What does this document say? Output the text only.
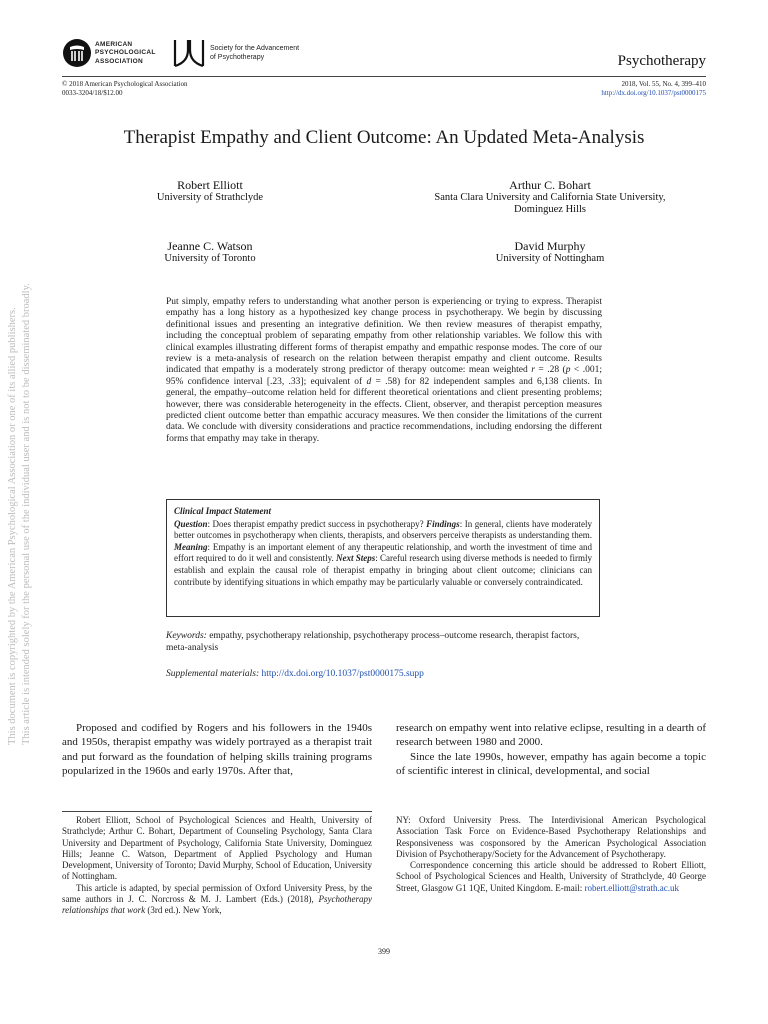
AMERICAN
PSYCHOLOGICAL
ASSOCIATION
Society for the Advancement
of Psychotherapy	Psychotherapy
© 2018 American Psychological Association
0033-3204/18/$12.00
2018, Vol. 55, No. 4, 399–410
http://dx.doi.org/10.1037/pst0000175
Therapist Empathy and Client Outcome: An Updated Meta-Analysis
Robert Elliott
University of Strathclyde
Arthur C. Bohart
Santa Clara University and California State University,
Dominguez Hills
Jeanne C. Watson
University of Toronto
David Murphy
University of Nottingham
Put simply, empathy refers to understanding what another person is experiencing or trying to express. Therapist empathy has a long history as a hypothesized key change process in psychotherapy. We begin by discussing definitional issues and presenting an integrative definition. We then review measures of therapist empathy, including the conceptual problem of separating empathy from other relationship variables. We follow this with clinical examples illustrating different forms of therapist empathy and empathic response modes. The core of our review is a meta-analysis of research on the relation between therapist empathy and client outcome. Results indicated that empathy is a moderately strong predictor of therapy outcome: mean weighted r = .28 (p < .001; 95% confidence interval [.23, .33]; equivalent of d = .58) for 82 independent samples and 6,138 clients. In general, the empathy–outcome relation held for different theoretical orientations and client presenting problems; however, there was considerable heterogeneity in the effects. Client, observer, and therapist perception measures predicted client outcome better than empathic accuracy measures. We then consider the limitations of the current data. We conclude with diversity considerations and practice recommendations, including endorsing the different forms that empathy may take in therapy.
Clinical Impact Statement
Question: Does therapist empathy predict success in psychotherapy? Findings: In general, clients have moderately better outcomes in psychotherapy when clients, therapists, and observers perceive therapists as understanding them. Meaning: Empathy is an important element of any therapeutic relationship, and worth the investment of time and effort required to do it well and consistently. Next Steps: Careful research using diverse methods is needed to firmly establish and explain the causal role of therapist empathy in bringing about client outcome; clinicians can contribute by identifying situations in which empathy may be particularly valuable or conversely contraindicated.
Keywords: empathy, psychotherapy relationship, psychotherapy process–outcome research, therapist factors, meta-analysis
Supplemental materials: http://dx.doi.org/10.1037/pst0000175.supp
Proposed and codified by Rogers and his followers in the 1940s and 1950s, therapist empathy was widely portrayed as a therapist trait and put forward as the foundation of helping skills training programs popularized in the 1960s and early 1970s. After that,
research on empathy went into relative eclipse, resulting in a dearth of research between 1980 and 2000.
Since the late 1990s, however, empathy has again become a topic of scientific interest in clinical, developmental, and social
Robert Elliott, School of Psychological Sciences and Health, University of Strathclyde; Arthur C. Bohart, Department of Counseling Psychology, Santa Clara University and Department of Psychology, California State University, Dominguez Hills; Jeanne C. Watson, Department of Applied Psychology and Human Development, University of Toronto; David Murphy, School of Education, University of Nottingham.
This article is adapted, by special permission of Oxford University Press, by the same authors in J. C. Norcross & M. J. Lambert (Eds.) (2018), Psychotherapy relationships that work (3rd ed.). New York,
NY: Oxford University Press. The Interdivisional American Psychological Association Task Force on Evidence-Based Psychotherapy Relationships and Responsiveness was cosponsored by the American Psychological Association Division of Psychotherapy/Society for the Advancement of Psychotherapy.
Correspondence concerning this article should be addressed to Robert Elliott, School of Psychological Sciences and Health, University of Strathclyde, 40 George Street, Glasgow G1 1QE, United Kingdom. E-mail: robert.elliott@strath.ac.uk
399
This document is copyrighted by the American Psychological Association or one of its allied publishers. This article is intended solely for the personal use of the individual user and is not to be disseminated broadly.
